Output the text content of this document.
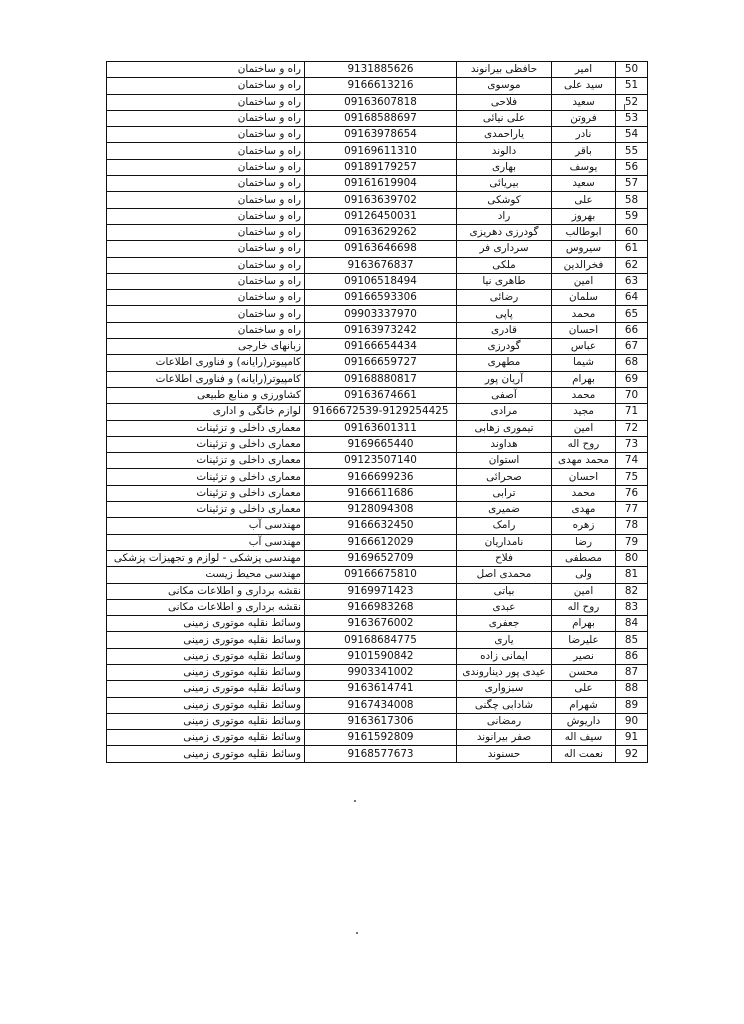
50	امیر	حافظی بیرانوند	9131885626	راه و ساختمان
51	سید علی	موسوی	9166613216	راه و ساختمان
52	سعید	فلاحی	09163607818	راه و ساختمان
53	فروتن	علی نیائی	09168588697	راه و ساختمان
54	نادر	یاراحمدی	09163978654	راه و ساختمان
55	باقر	دالوند	09169611310	راه و ساختمان
56	یوسف	بهاری	09189179257	راه و ساختمان
57	سعید	بیریائی	09161619904	راه و ساختمان
58	علی	کوشکی	09163639702	راه و ساختمان
59	بهروز	راد	09126450031	راه و ساختمان
60	ابوطالب	گودرزی دهریزی	09163629262	راه و ساختمان
61	سیروس	سرداری فر	09163646698	راه و ساختمان
62	فخرالدین	ملکی	9163676837	راه و ساختمان
63	امین	طاهری نیا	09106518494	راه و ساختمان
64	سلمان	رضائی	09166593306	راه و ساختمان
65	محمد	پاپی	09903337970	راه و ساختمان
66	احسان	قادری	09163973242	راه و ساختمان
67	عباس	گودرزی	09166654434	زبانهای خارجی
68	شیما	مطهری	09166659727	کامپیوتر(رایانه) و فناوری اطلاعات
69	بهرام	آریان پور	09168880817	کامپیوتر(رایانه) و فناوری اطلاعات
70	محمد	آصفی	09163674661	کشاورزی و منابع طبیعی
71	مجید	مرادی	9166672539-9129254425	لوازم خانگی و اداری
72	امین	تیموری زهابی	09163601311	معماری داخلی و تزئینات
73	روح اله	هداوند	9169665440	معماری داخلی و تزئینات
74	محمد مهدی	استوان	09123507140	معماری داخلی و تزئینات
75	احسان	صحرائی	9166699236	معماری داخلی و تزئینات
76	محمد	ترابی	9166611686	معماری داخلی و تزئینات
77	مهدی	ضمیری	9128094308	معماری داخلی و تزئینات
78	زهره	رامک	9166632450	مهندسی آب
79	رضا	نامداریان	9166612029	مهندسی آب
80	مصطفی	فلاح	9169652709	مهندسی پزشکی - لوازم و تجهیزات پزشکی
81	ولی	محمدی اصل	09166675810	مهندسی محیط زیست
82	امین	بیاتی	9169971423	نقشه برداری و اطلاعات مکانی
83	روح اله	عبدی	9166983268	نقشه برداری و اطلاعات مکانی
84	بهرام	جعفری	9163676002	وسائط نقلیه موتوری زمینی
85	علیرضا	یاری	09168684775	وسائط نقلیه موتوری زمینی
86	نصیر	ایمانی زاده	9101590842	وسائط نقلیه موتوری زمینی
87	محسن	عیدی پور دیناروندی	9903341002	وسائط نقلیه موتوری زمینی
88	علی	سبزواری	9163614741	وسائط نقلیه موتوری زمینی
89	شهرام	شادابی چگنی	9167434008	وسائط نقلیه موتوری زمینی
90	داریوش	رمضانی	9163617306	وسائط نقلیه موتوری زمینی
91	سیف اله	صفر بیرانوند	9161592809	وسائط نقلیه موتوری زمینی
92	نعمت اله	حسنوند	9168577673	وسائط نقلیه موتوری زمینی
